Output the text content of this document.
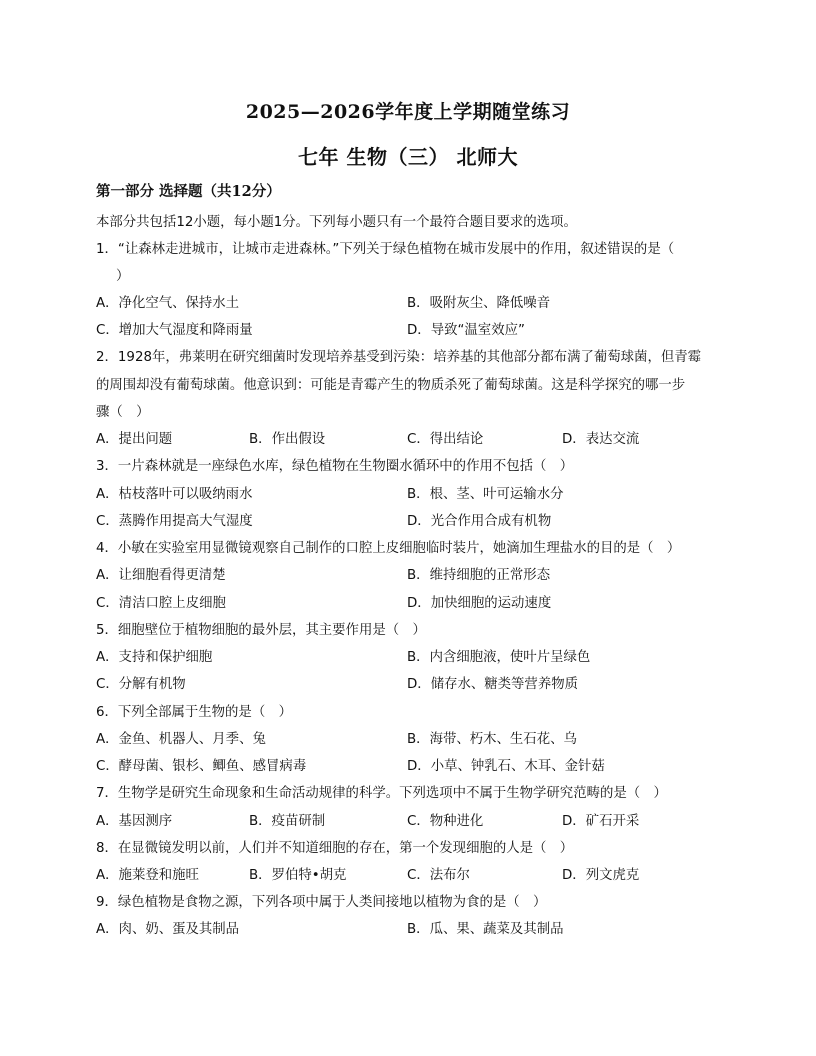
2025—2026学年度上学期随堂练习
七年 生物（三） 北师大
第一部分 选择题（共12分）
本部分共包括12小题，每小题1分。下列每小题只有一个最符合题目要求的选项。
1．“让森林走进城市，让城市走进森林。”下列关于绿色植物在城市发展中的作用，叙述错误的是（
）
A．净化空气、保持水土	B．吸附灰尘、降低噪音
C．增加大气湿度和降雨量	D．导致“温室效应”
2．1928年，弗莱明在研究细菌时发现培养基受到污染：培养基的其他部分都布满了葡萄球菌，但青霉
的周围却没有葡萄球菌。他意识到：可能是青霉产生的物质杀死了葡萄球菌。这是科学探究的哪一步
骤（　）
A．提出问题	B．作出假设	C．得出结论	D．表达交流
3．一片森林就是一座绿色水库，绿色植物在生物圈水循环中的作用不包括（　）
A．枯枝落叶可以吸纳雨水	B．根、茎、叶可运输水分
C．蒸腾作用提高大气湿度	D．光合作用合成有机物
4．小敏在实验室用显微镜观察自己制作的口腔上皮细胞临时装片，她滴加生理盐水的目的是（　）
A．让细胞看得更清楚	B．维持细胞的正常形态
C．清洁口腔上皮细胞	D．加快细胞的运动速度
5．细胞壁位于植物细胞的最外层，其主要作用是（　）
A．支持和保护细胞	B．内含细胞液，使叶片呈绿色
C．分解有机物	D．储存水、糖类等营养物质
6．下列全部属于生物的是（　）
A．金鱼、机器人、月季、兔	B．海带、朽木、生石花、乌
C．酵母菌、银杉、鲫鱼、感冒病毒	D．小草、钟乳石、木耳、金针菇
7．生物学是研究生命现象和生命活动规律的科学。下列选项中不属于生物学研究范畴的是（　）
A．基因测序	B．疫苗研制	C．物种进化	D．矿石开采
8．在显微镜发明以前，人们并不知道细胞的存在，第一个发现细胞的人是（　）
A．施莱登和施旺	B．罗伯特•胡克	C．法布尔	D．列文虎克
9．绿色植物是食物之源，下列各项中属于人类间接地以植物为食的是（　）
A．肉、奶、蛋及其制品	B．瓜、果、蔬菜及其制品
